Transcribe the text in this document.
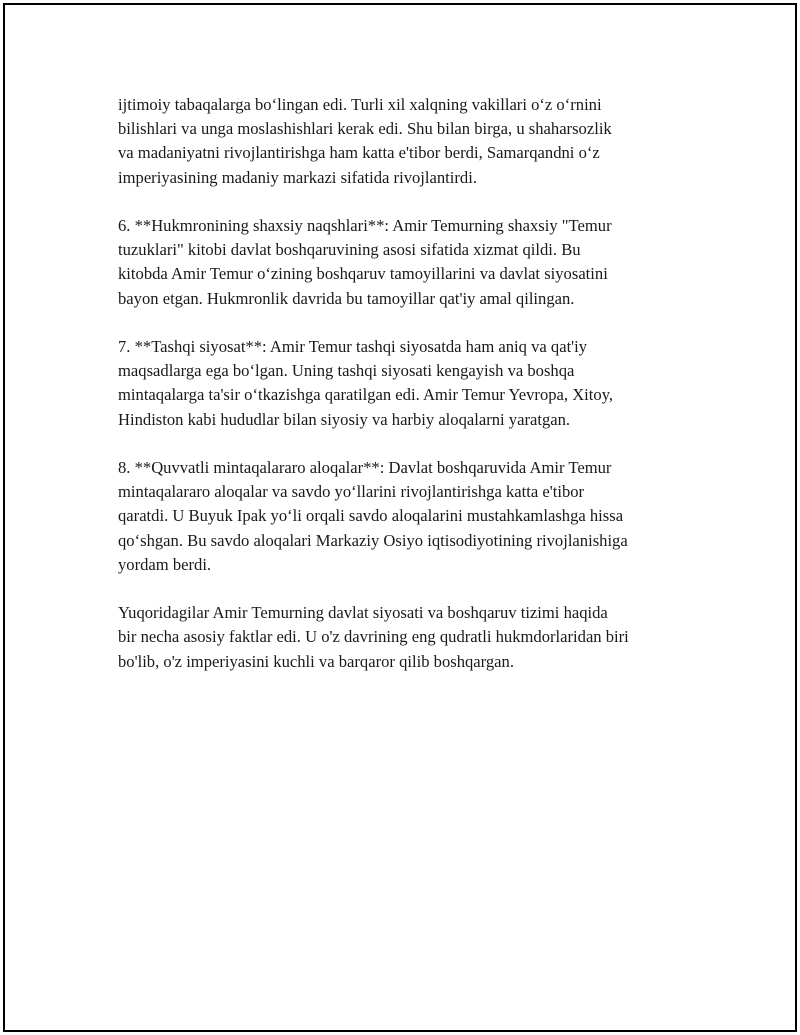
ijtimoiy tabaqalarga boʻlingan edi. Turli xil xalqning vakillari oʻz oʻrnini
bilishlari va unga moslashishlari kerak edi. Shu bilan birga, u shaharsozlik
va madaniyatni rivojlantirishga ham katta e'tibor berdi, Samarqandni oʻz
imperiyasining madaniy markazi sifatida rivojlantirdi.

6. **Hukmronining shaxsiy naqshlari**: Amir Temurning shaxsiy "Temur
tuzuklari" kitobi davlat boshqaruvining asosi sifatida xizmat qildi. Bu
kitobda Amir Temur oʻzining boshqaruv tamoyillarini va davlat siyosatini
bayon etgan. Hukmronlik davrida bu tamoyillar qat'iy amal qilingan.

7. **Tashqi siyosat**: Amir Temur tashqi siyosatda ham aniq va qat'iy
maqsadlarga ega boʻlgan. Uning tashqi siyosati kengayish va boshqa
mintaqalarga ta'sir oʻtkazishga qaratilgan edi. Amir Temur Yevropa, Xitoy,
Hindiston kabi hududlar bilan siyosiy va harbiy aloqalarni yaratgan.

8. **Quvvatli mintaqalararo aloqalar**: Davlat boshqaruvida Amir Temur
mintaqalararo aloqalar va savdo yoʻllarini rivojlantirishga katta e'tibor
qaratdi. U Buyuk Ipak yoʻli orqali savdo aloqalarini mustahkamlashga hissa
qoʻshgan. Bu savdo aloqalari Markaziy Osiyo iqtisodiyotining rivojlanishiga
yordam berdi.

Yuqoridagilar Amir Temurning davlat siyosati va boshqaruv tizimi haqida
bir necha asosiy faktlar edi. U o'z davrining eng qudratli hukmdorlaridan biri
bo'lib, o'z imperiyasini kuchli va barqaror qilib boshqargan.
